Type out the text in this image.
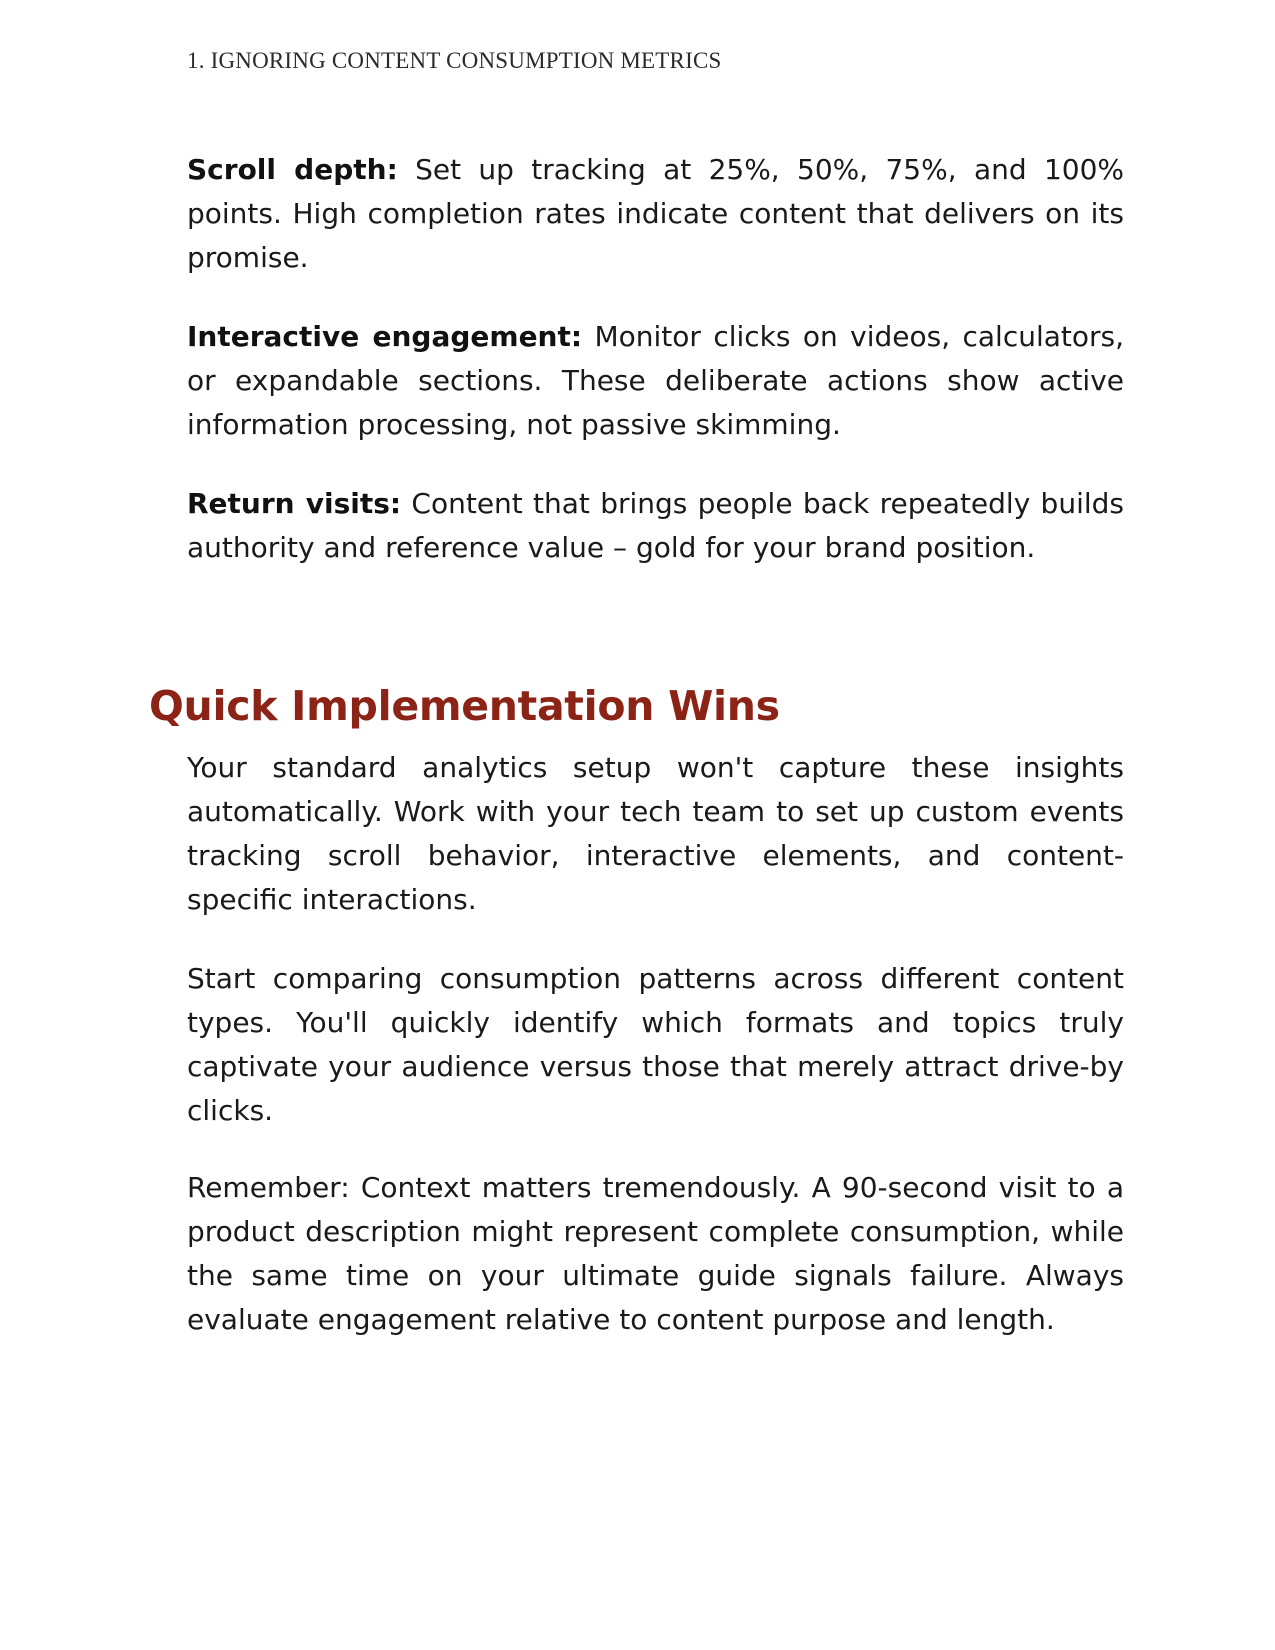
1. IGNORING CONTENT CONSUMPTION METRICS

Scroll depth: Set up tracking at 25%, 50%, 75%, and 100% points. High completion rates indicate content that delivers on its promise.

Interactive engagement: Monitor clicks on videos, calculators, or expandable sections. These deliberate actions show active information processing, not passive skimming.

Return visits: Content that brings people back repeatedly builds authority and reference value – gold for your brand position.

Quick Implementation Wins

Your standard analytics setup won't capture these insights automatically. Work with your tech team to set up custom events tracking scroll behavior, interactive elements, and content-specific interactions.

Start comparing consumption patterns across different content types. You'll quickly identify which formats and topics truly captivate your audience versus those that merely attract drive-by clicks.

Remember: Context matters tremendously. A 90-second visit to a product description might represent complete consumption, while the same time on your ultimate guide signals failure. Always evaluate engagement relative to content purpose and length.
